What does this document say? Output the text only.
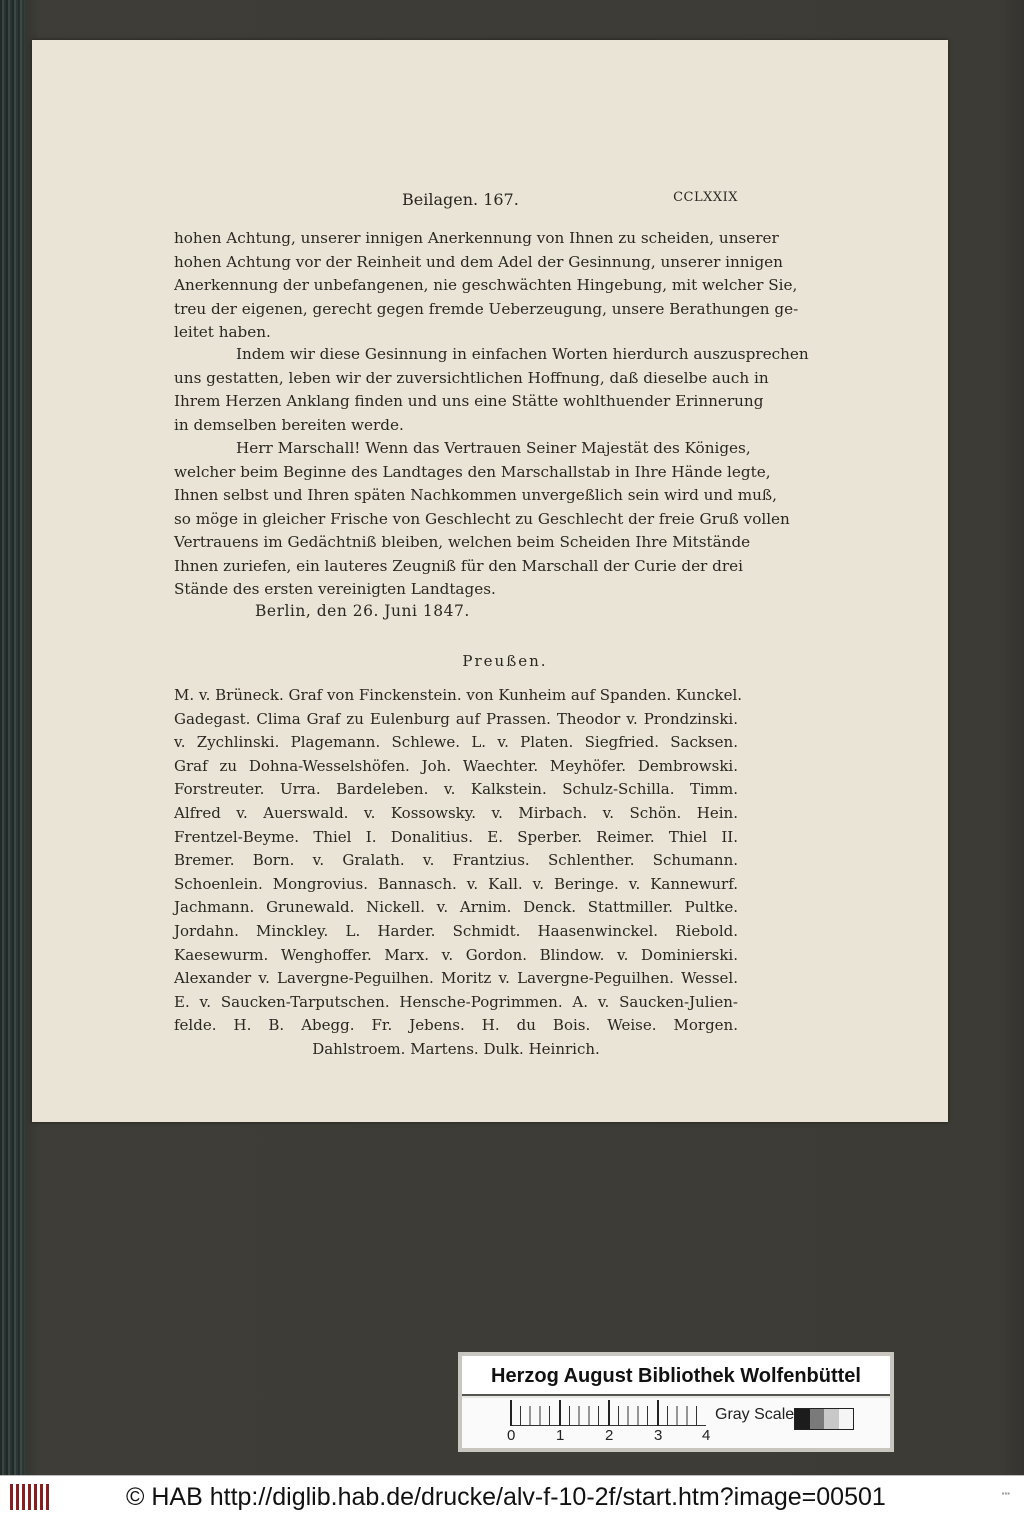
Beilagen. 167.	CCLXXIX
hohen Achtung, unserer innigen Anerkennung von Ihnen zu scheiden, unserer
hohen Achtung vor der Reinheit und dem Adel der Gesinnung, unserer innigen
Anerkennung der unbefangenen, nie geschwächten Hingebung, mit welcher Sie,
treu der eigenen, gerecht gegen fremde Ueberzeugung, unsere Berathungen ge-
leitet haben.
Indem wir diese Gesinnung in einfachen Worten hierdurch auszusprechen
uns gestatten, leben wir der zuversichtlichen Hoffnung, daß dieselbe auch in
Ihrem Herzen Anklang finden und uns eine Stätte wohlthuender Erinnerung
in demselben bereiten werde.
Herr Marschall! Wenn das Vertrauen Seiner Majestät des Königes,
welcher beim Beginne des Landtages den Marschallstab in Ihre Hände legte,
Ihnen selbst und Ihren späten Nachkommen unvergeßlich sein wird und muß,
so möge in gleicher Frische von Geschlecht zu Geschlecht der freie Gruß vollen
Vertrauens im Gedächtniß bleiben, welchen beim Scheiden Ihre Mitstände
Ihnen zuriefen, ein lauteres Zeugniß für den Marschall der Curie der drei
Stände des ersten vereinigten Landtages.
Berlin, den 26. Juni 1847.
Preußen.
M. v. Brüneck. Graf von Finckenstein. von Kunheim auf Spanden. Kunckel.
Gadegast. Clima Graf zu Eulenburg auf Prassen. Theodor v. Prondzinski.
v. Zychlinski. Plagemann. Schlewe. L. v. Platen. Siegfried. Sacksen.
Graf zu Dohna-Wesselshöfen. Joh. Waechter. Meyhöfer. Dembrowski.
Forstreuter. Urra. Bardeleben. v. Kalkstein. Schulz-Schilla. Timm.
Alfred v. Auerswald. v. Kossowsky. v. Mirbach. v. Schön. Hein.
Frentzel-Beyme. Thiel I. Donalitius. E. Sperber. Reimer. Thiel II.
Bremer. Born. v. Gralath. v. Frantzius. Schlenther. Schumann.
Schoenlein. Mongrovius. Bannasch. v. Kall. v. Beringe. v. Kannewurf.
Jachmann. Grunewald. Nickell. v. Arnim. Denck. Stattmiller. Pultke.
Jordahn. Minckley. L. Harder. Schmidt. Haasenwinckel. Riebold.
Kaesewurm. Wenghoffer. Marx. v. Gordon. Blindow. v. Dominierski.
Alexander v. Lavergne-Peguilhen. Moritz v. Lavergne-Peguilhen. Wessel.
E. v. Saucken-Tarputschen. Hensche-Pogrimmen. A. v. Saucken-Julien-
felde. H. B. Abegg. Fr. Jebens. H. du Bois. Weise. Morgen.
Dahlstroem. Martens. Dulk. Heinrich.
Herzog August Bibliothek Wolfenbüttel
0	1	2	3	4
Gray Scale
© HAB http://diglib.hab.de/drucke/alv-f-10-2f/start.htm?image=00501	▪▪▪
